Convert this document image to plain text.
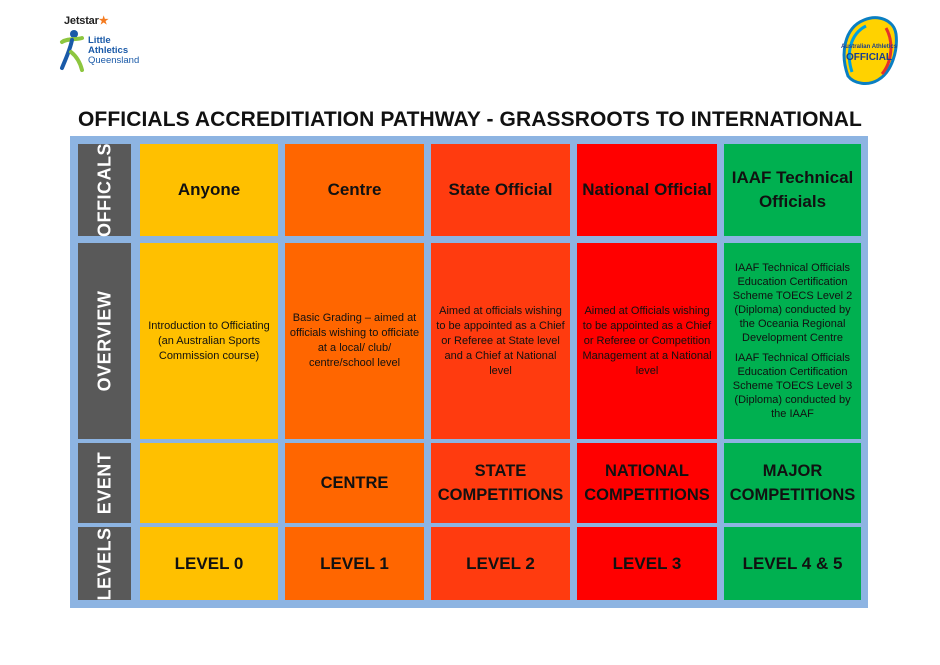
Jetstar★
Little
Athletics
Queensland
Australian Athletics
OFFICIAL
OFFICIALS ACCREDITIATION PATHWAY - GRASSROOTS TO INTERNATIONAL
OFFICALS
OVERVIEW
EVENT
LEVELS
Anyone

Introduction to Officiating (an Australian Sports Commission course)

LEVEL 0
Centre

Basic Grading – aimed at officials wishing to officiate at a local/ club/ centre/school level

CENTRE
LEVEL 1
State Official

Aimed at officials wishing to be appointed as a Chief or Referee at State level and a Chief at National level

STATE COMPETITIONS
LEVEL 2
National Official

Aimed at Officials wishing to be appointed as a Chief or Referee or Competition Management at a National level

NATIONAL COMPETITIONS
LEVEL 3
IAAF Technical Officials

IAAF Technical Officials Education Certification Scheme TOECS Level 2 (Diploma) conducted by the Oceania Regional Development Centre

IAAF Technical Officials Education Certification Scheme TOECS Level 3 (Diploma) conducted by the IAAF

MAJOR COMPETITIONS
LEVEL 4 & 5
